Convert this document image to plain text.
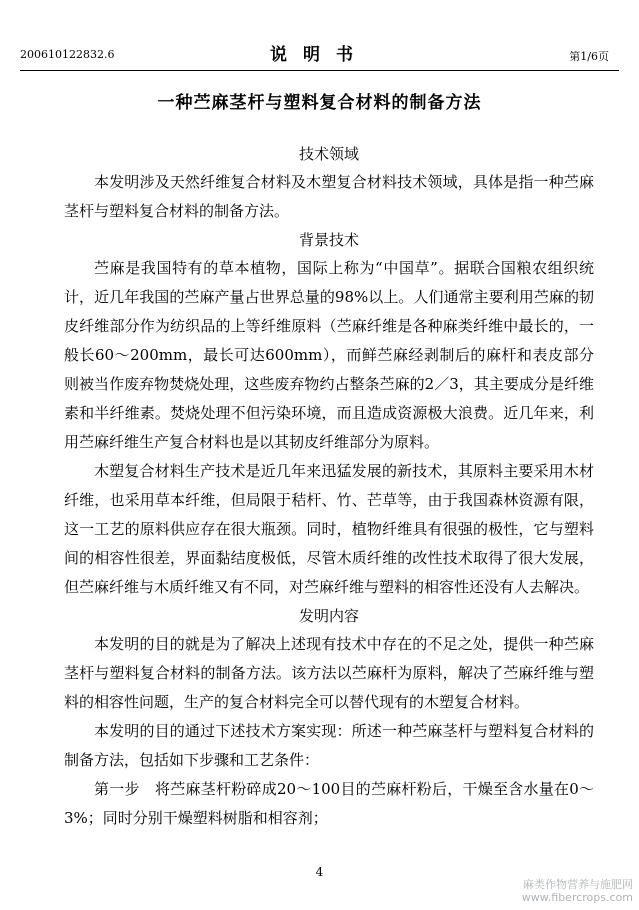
200610122832.6	说明书	第1/6页
一种苎麻茎杆与塑料复合材料的制备方法

技术领域

本发明涉及天然纤维复合材料及木塑复合材料技术领域，具体是指一种苎麻茎杆与塑料复合材料的制备方法。

背景技术

苎麻是我国特有的草本植物，国际上称为“中国草”。据联合国粮农组织统计，近几年我国的苎麻产量占世界总量的98%以上。人们通常主要利用苎麻的韧皮纤维部分作为纺织品的上等纤维原料（苎麻纤维是各种麻类纤维中最长的，一般长60～200mm，最长可达600mm），而鲜苎麻经剥制后的麻杆和表皮部分则被当作废弃物焚烧处理，这些废弃物约占整条苎麻的2／3，其主要成分是纤维素和半纤维素。焚烧处理不但污染环境，而且造成资源极大浪费。近几年来，利用苎麻纤维生产复合材料也是以其韧皮纤维部分为原料。

木塑复合材料生产技术是近几年来迅猛发展的新技术，其原料主要采用木材纤维，也采用草本纤维，但局限于秸杆、竹、芒草等，由于我国森林资源有限，这一工艺的原料供应存在很大瓶颈。同时，植物纤维具有很强的极性，它与塑料间的相容性很差，界面黏结度极低，尽管木质纤维的改性技术取得了很大发展，但苎麻纤维与木质纤维又有不同，对苎麻纤维与塑料的相容性还没有人去解决。

发明内容

本发明的目的就是为了解决上述现有技术中存在的不足之处，提供一种苎麻茎杆与塑料复合材料的制备方法。该方法以苎麻杆为原料，解决了苎麻纤维与塑料的相容性问题，生产的复合材料完全可以替代现有的木塑复合材料。

本发明的目的通过下述技术方案实现：所述一种苎麻茎杆与塑料复合材料的制备方法，包括如下步骤和工艺条件：

第一步　将苎麻茎杆粉碎成20～100目的苎麻杆粉后，干燥至含水量在0～3%；同时分别干燥塑料树脂和相容剂；

4
麻类作物营养与施肥网
www.fibercrops.com
